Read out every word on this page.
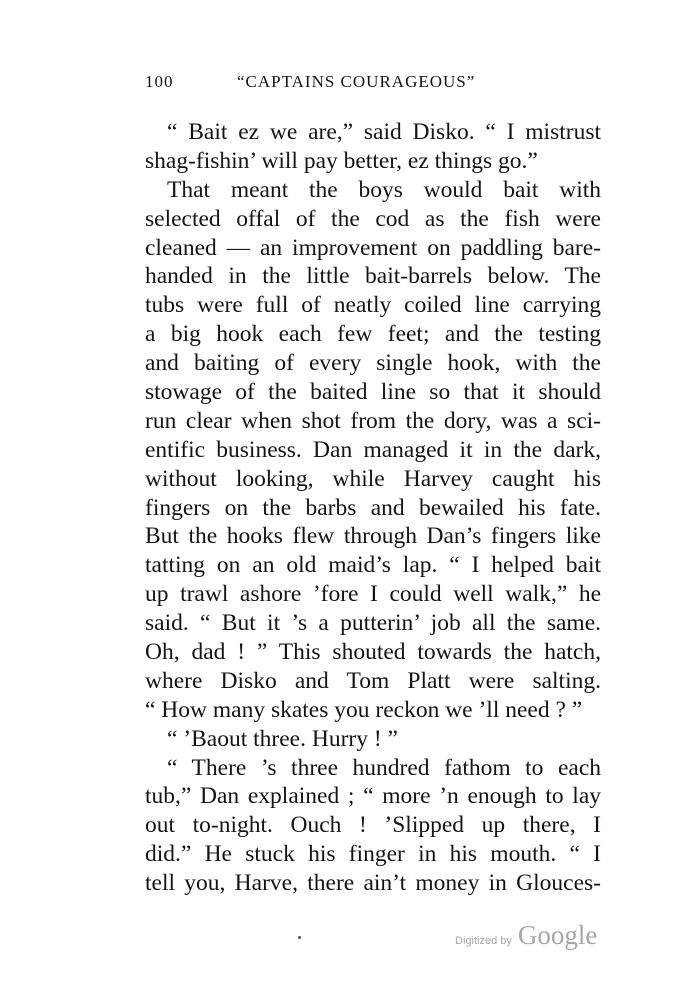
100	“CAPTAINS COURAGEOUS”
“ Bait ez we are,” said Disko. “ I mistrust
shag-fishin’ will pay better, ez things go.”
That meant the boys would bait with
selected offal of the cod as the fish were
cleaned — an improvement on paddling bare-
handed in the little bait-barrels below. The
tubs were full of neatly coiled line carrying
a big hook each few feet; and the testing
and baiting of every single hook, with the
stowage of the baited line so that it should
run clear when shot from the dory, was a sci-
entific business. Dan managed it in the dark,
without looking, while Harvey caught his
fingers on the barbs and bewailed his fate.
But the hooks flew through Dan’s fingers like
tatting on an old maid’s lap. “ I helped bait
up trawl ashore ’fore I could well walk,” he
said. “ But it ’s a putterin’ job all the same.
Oh, dad ! ” This shouted towards the hatch,
where Disko and Tom Platt were salting.
“ How many skates you reckon we ’ll need ? ”
“ ’Baout three. Hurry ! ”
“ There ’s three hundred fathom to each
tub,” Dan explained ; “ more ’n enough to lay
out to-night. Ouch ! ’Slipped up there, I
did.” He stuck his finger in his mouth. “ I
tell you, Harve, there ain’t money in Glouces-
Digitized by Google
